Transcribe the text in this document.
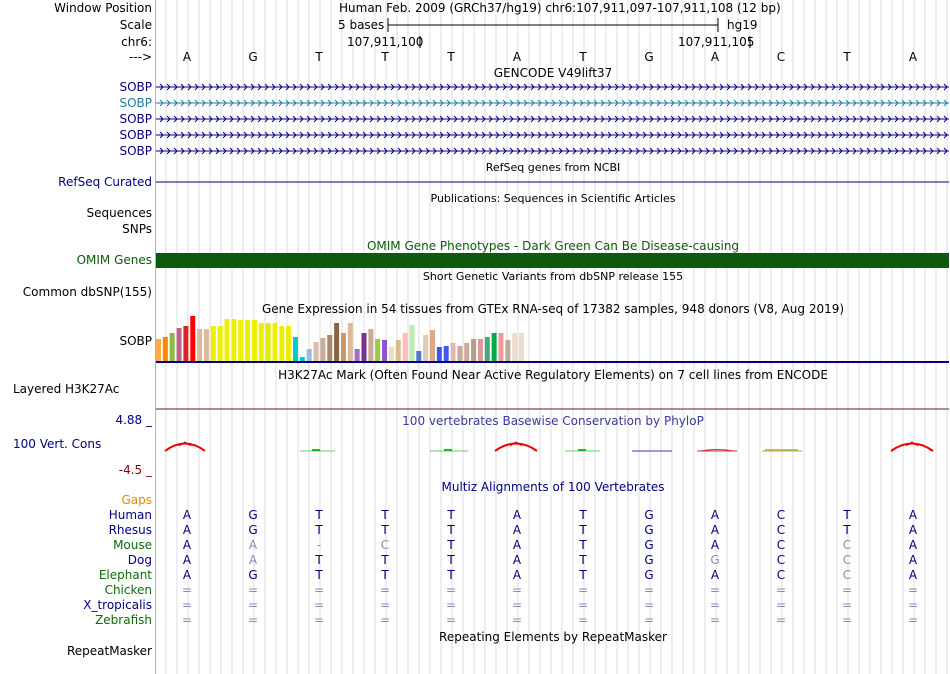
Window Position	Human Feb. 2009 (GRCh37/hg19) chr6:107,911,097-107,911,108 (12 bp)
Scale	5 bases	hg19
chr6:	107,911,100	107,911,105
--->	A	G	T	T	T	A	T	G	A	C	T	A
GENCODE V49lift37
SOBP
SOBP
SOBP
SOBP
SOBP
RefSeq genes from NCBI
RefSeq Curated
Publications: Sequences in Scientific Articles
Sequences
SNPs
OMIM Gene Phenotypes - Dark Green Can Be Disease-causing
OMIM Genes
Short Genetic Variants from dbSNP release 155
Common dbSNP(155)
Gene Expression in 54 tissues from GTEx RNA-seq of 17382 samples, 948 donors (V8, Aug 2019)
SOBP
H3K27Ac Mark (Often Found Near Active Regulatory Elements) on 7 cell lines from ENCODE
Layered H3K27Ac
100 vertebrates Basewise Conservation by PhyloP
4.88 _
100 Vert. Cons
-4.5 _
Multiz Alignments of 100 Vertebrates
Gaps
Human	A	G	T	T	T	A	T	G	A	C	T	A
Rhesus	A	G	T	T	T	A	T	G	A	C	T	A
Mouse	A	A	-	C	T	A	T	G	A	C	C	A
Dog	A	A	T	T	T	A	T	G	G	C	C	A
Elephant	A	G	T	T	T	A	T	G	A	C	C	A
Chicken	=	=	=	=	=	=	=	=	=	=	=	=
X_tropicalis	=	=	=	=	=	=	=	=	=	=	=	=
Zebrafish	=	=	=	=	=	=	=	=	=	=	=	=
Repeating Elements by RepeatMasker
RepeatMasker
